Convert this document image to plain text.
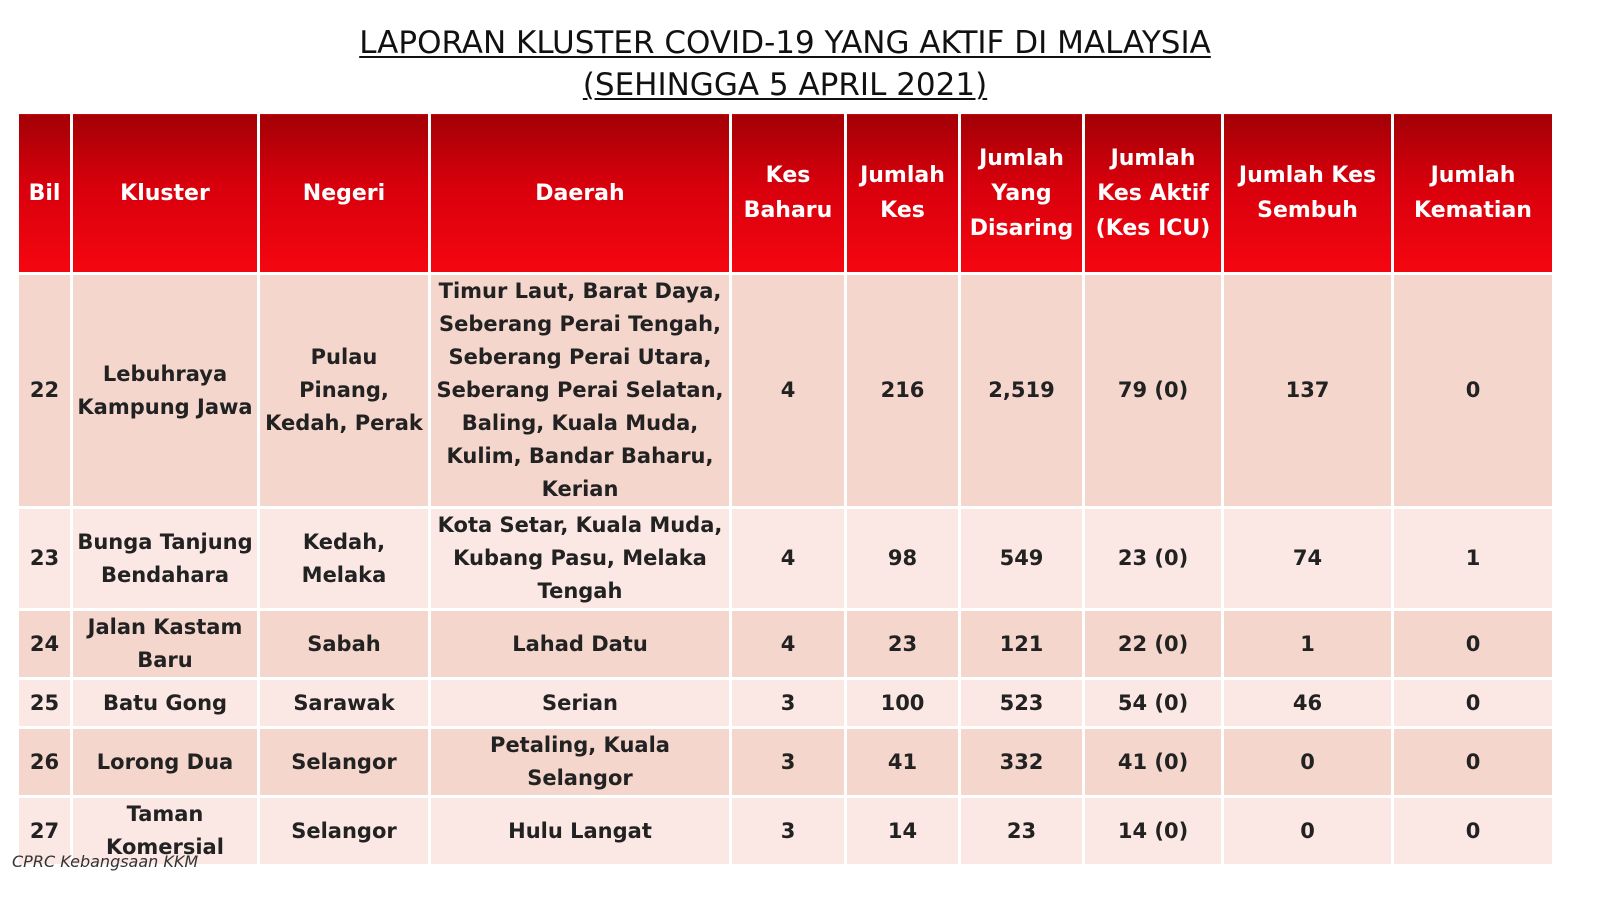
LAPORAN KLUSTER COVID-19 YANG AKTIF DI MALAYSIA
(SEHINGGA 5 APRIL 2021)
Bil	Kluster	Negeri	Daerah	Kes Baharu	Jumlah Kes	Jumlah Yang Disaring	Jumlah Kes Aktif (Kes ICU)	Jumlah Kes Sembuh	Jumlah Kematian
22	Lebuhraya Kampung Jawa	Pulau Pinang, Kedah, Perak	Timur Laut, Barat Daya, Seberang Perai Tengah, Seberang Perai Utara, Seberang Perai Selatan, Baling, Kuala Muda, Kulim, Bandar Baharu, Kerian	4	216	2,519	79 (0)	137	0
23	Bunga Tanjung Bendahara	Kedah, Melaka	Kota Setar, Kuala Muda, Kubang Pasu, Melaka Tengah	4	98	549	23 (0)	74	1
24	Jalan Kastam Baru	Sabah	Lahad Datu	4	23	121	22 (0)	1	0
25	Batu Gong	Sarawak	Serian	3	100	523	54 (0)	46	0
26	Lorong Dua	Selangor	Petaling, Kuala Selangor	3	41	332	41 (0)	0	0
27	Taman Komersial	Selangor	Hulu Langat	3	14	23	14 (0)	0	0
CPRC Kebangsaan KKM
